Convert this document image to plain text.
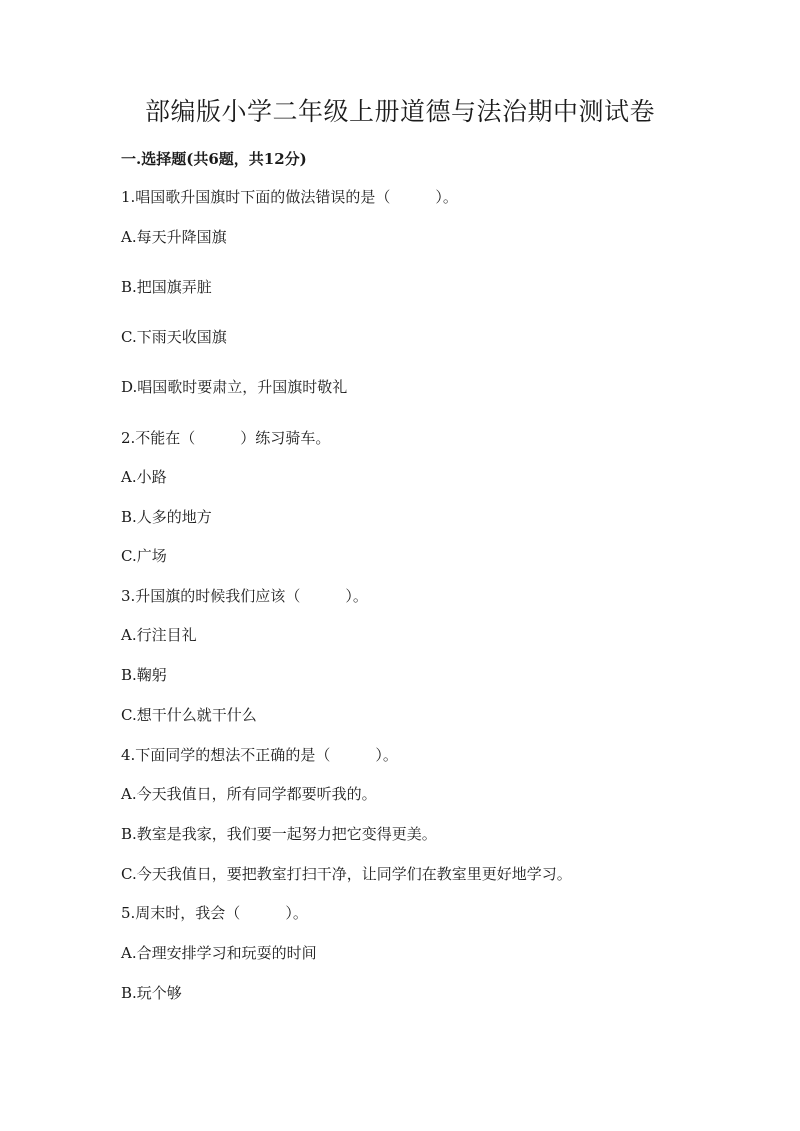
部编版小学二年级上册道德与法治期中测试卷
一.选择题(共6题，共12分)
1.唱国歌升国旗时下面的做法错误的是（　　　）。
A.每天升降国旗
B.把国旗弄脏
C.下雨天收国旗
D.唱国歌时要肃立，升国旗时敬礼
2.不能在（　　　）练习骑车。
A.小路
B.人多的地方
C.广场
3.升国旗的时候我们应该（　　　）。
A.行注目礼
B.鞠躬
C.想干什么就干什么
4.下面同学的想法不正确的是（　　　）。
A.今天我值日，所有同学都要听我的。
B.教室是我家，我们要一起努力把它变得更美。
C.今天我值日，要把教室打扫干净，让同学们在教室里更好地学习。
5.周末时，我会（　　　）。
A.合理安排学习和玩耍的时间
B.玩个够
